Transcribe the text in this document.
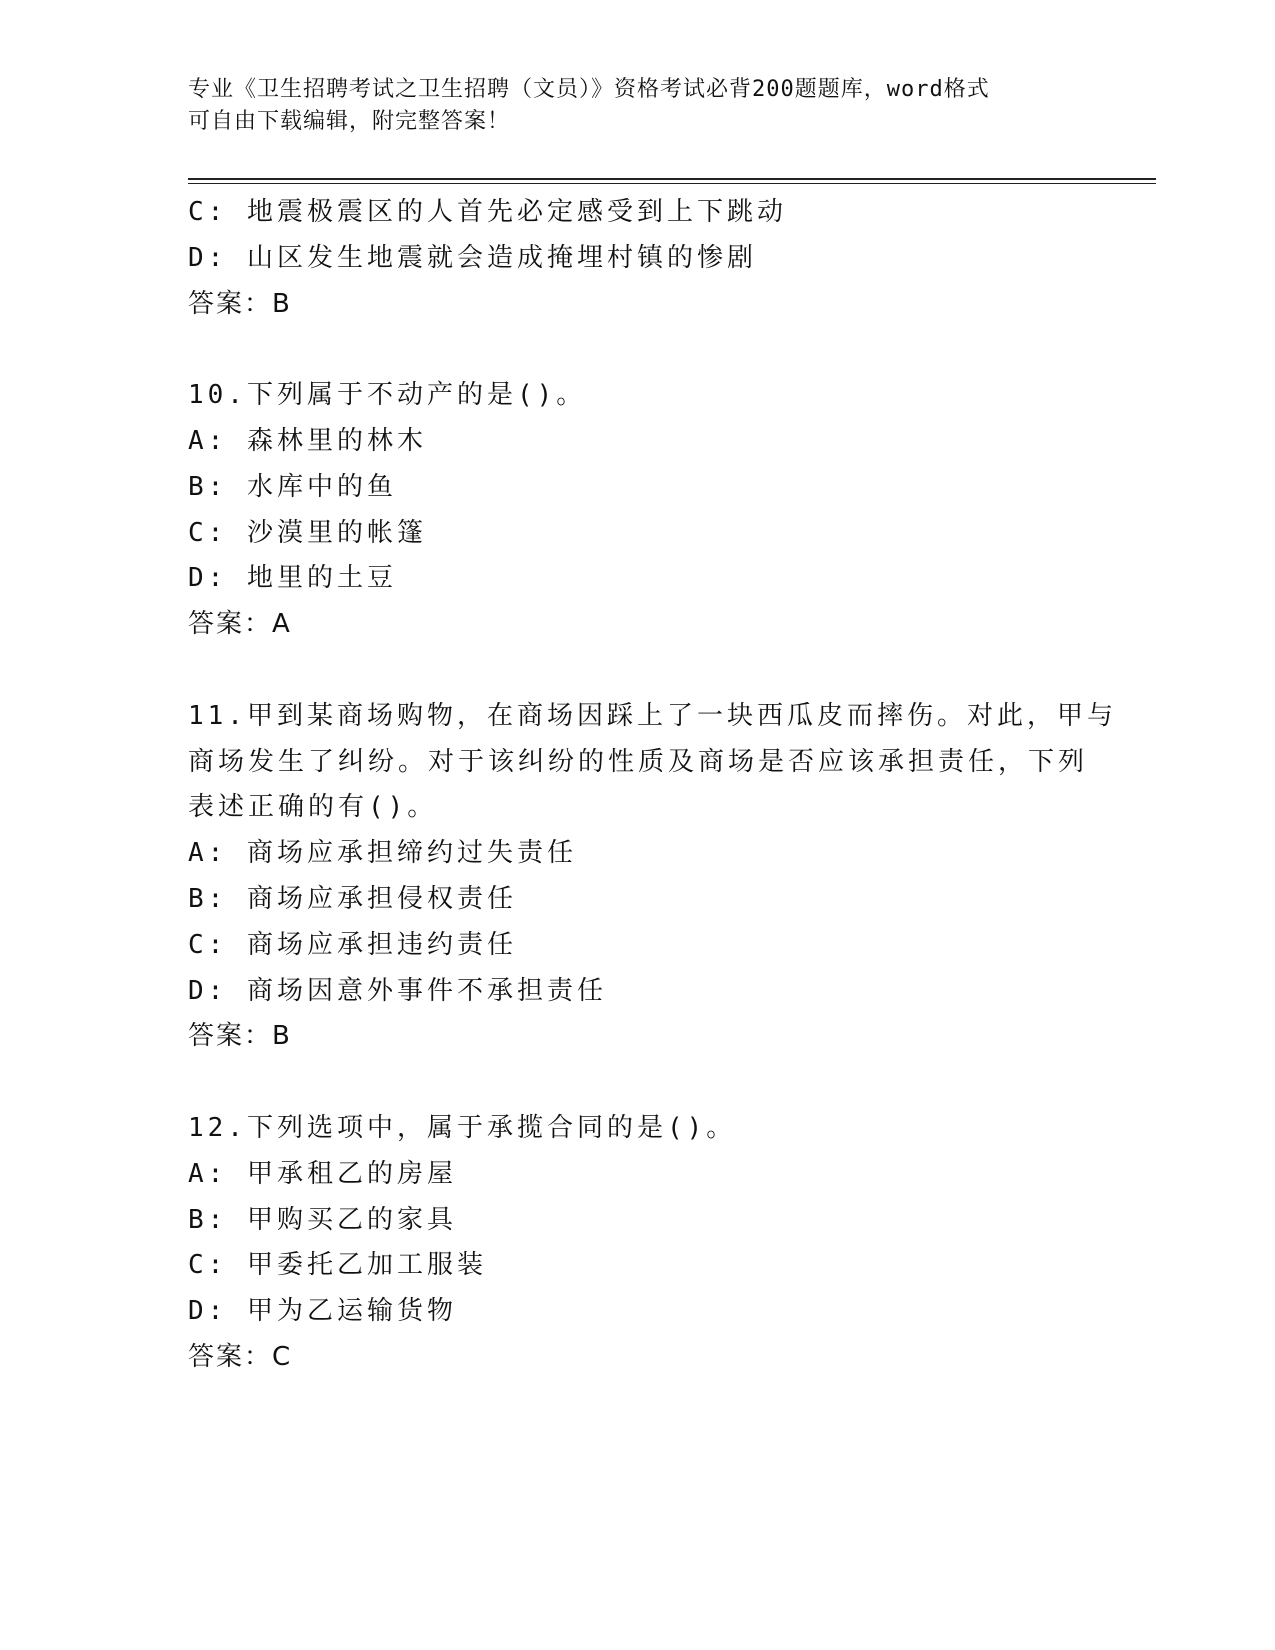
专业《卫生招聘考试之卫生招聘（文员）》资格考试必背200题题库，word格式
可自由下载编辑，附完整答案！
C: 地震极震区的人首先必定感受到上下跳动
D: 山区发生地震就会造成掩埋村镇的惨剧
答案：B
10.下列属于不动产的是()。
A: 森林里的林木
B: 水库中的鱼
C: 沙漠里的帐篷
D: 地里的土豆
答案：A
11.甲到某商场购物，在商场因踩上了一块西瓜皮而摔伤。对此，甲与
商场发生了纠纷。对于该纠纷的性质及商场是否应该承担责任，下列
表述正确的有()。
A: 商场应承担缔约过失责任
B: 商场应承担侵权责任
C: 商场应承担违约责任
D: 商场因意外事件不承担责任
答案：B
12.下列选项中，属于承揽合同的是()。
A: 甲承租乙的房屋
B: 甲购买乙的家具
C: 甲委托乙加工服装
D: 甲为乙运输货物
答案：C
